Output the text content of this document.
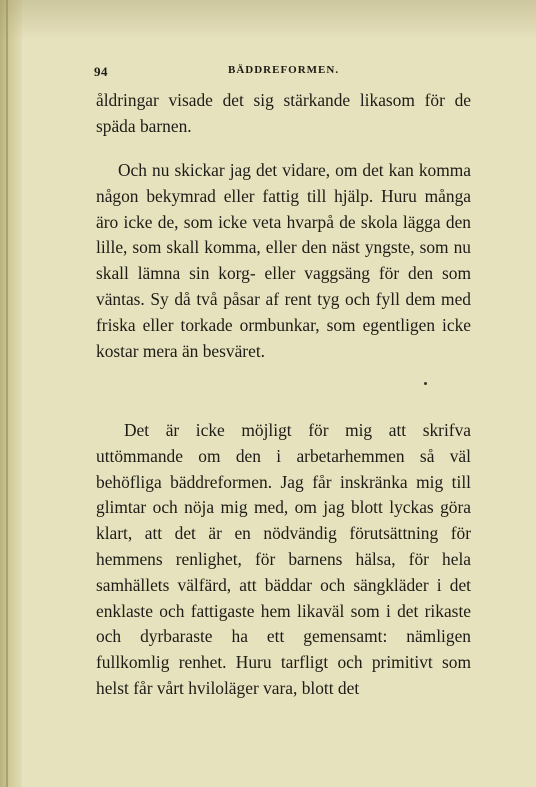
94	BÄDDREFORMEN.

åldringar visade det sig stärkande likasom för de späda barnen.

Och nu skickar jag det vidare, om det kan komma någon bekymrad eller fattig till hjälp. Huru många äro icke de, som icke veta hvarpå de skola lägga den lille, som skall komma, eller den näst yngste, som nu skall lämna sin korg- eller vaggsäng för den som väntas. Sy då två påsar af rent tyg och fyll dem med friska eller torkade ormbunkar, som egentligen icke kostar mera än besväret.

Det är icke möjligt för mig att skrifva uttömmande om den i arbetarhemmen så väl behöfliga bäddreformen. Jag får inskränka mig till glimtar och nöja mig med, om jag blott lyckas göra klart, att det är en nödvändig förutsättning för hemmens renlighet, för barnens hälsa, för hela samhällets välfärd, att bäddar och sängkläder i det enklaste och fattigaste hem likaväl som i det rikaste och dyrbaraste ha ett gemensamt: nämligen fullkomlig renhet. Huru tarfligt och primitivt som helst får vårt hviloläger vara, blott det
